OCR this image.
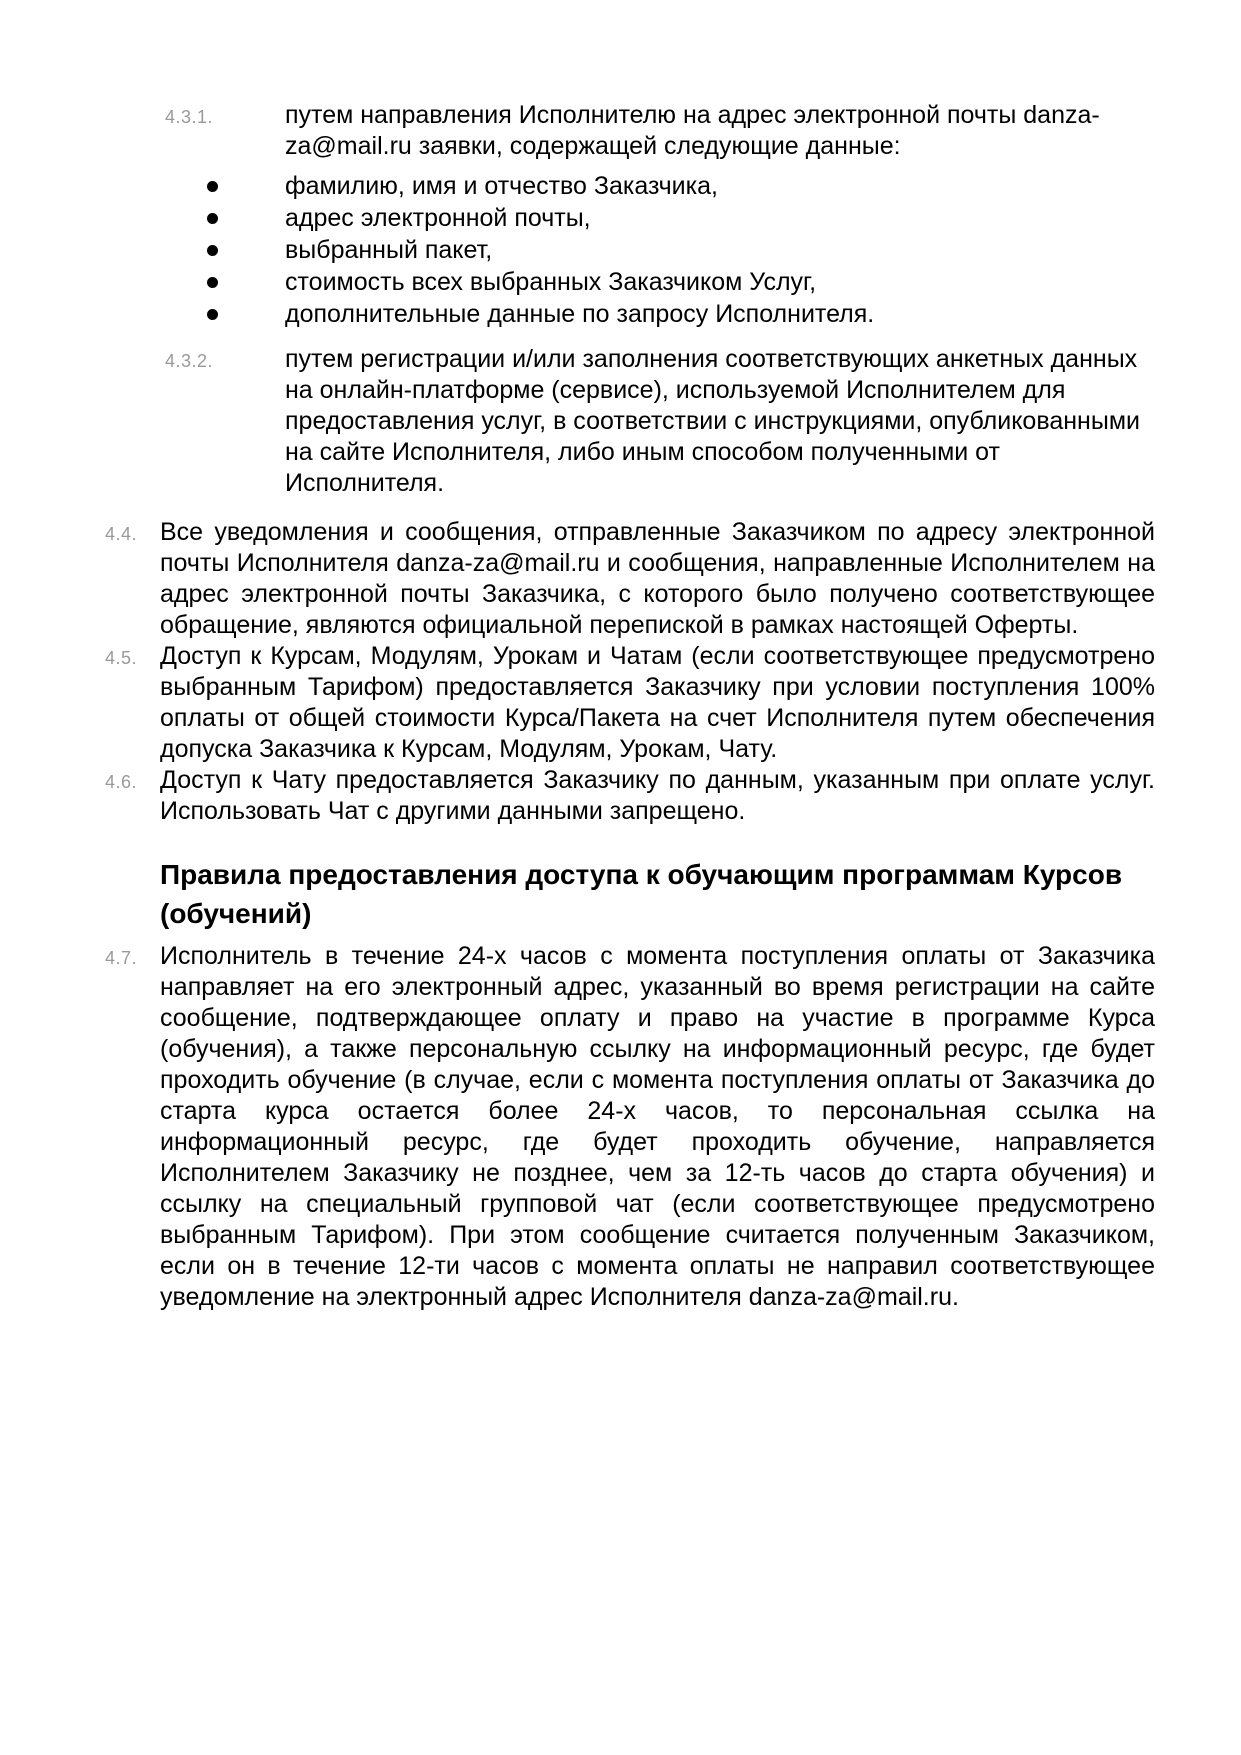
4.3.1.	путем направления Исполнителю на адрес электронной почты danza-za@mail.ru заявки, содержащей следующие данные:
фамилию, имя и отчество Заказчика,
адрес электронной почты,
выбранный пакет,
стоимость всех выбранных Заказчиком Услуг,
дополнительные данные по запросу Исполнителя.
4.3.2.	путем регистрации и/или заполнения соответствующих анкетных данных на онлайн-платформе (сервисе), используемой Исполнителем для предоставления услуг, в соответствии с инструкциями, опубликованными на сайте Исполнителя, либо иным способом полученными от Исполнителя.
4.4. Все уведомления и сообщения, отправленные Заказчиком по адресу электронной почты Исполнителя danza-za@mail.ru и сообщения, направленные Исполнителем на адрес электронной почты Заказчика, с которого было получено соответствующее обращение, являются официальной перепиской в рамках настоящей Оферты.
4.5. Доступ к Курсам, Модулям, Урокам и Чатам (если соответствующее предусмотрено выбранным Тарифом) предоставляется Заказчику при условии поступления 100% оплаты от общей стоимости Курса/Пакета на счет Исполнителя путем обеспечения допуска Заказчика к Курсам, Модулям, Урокам, Чату.
4.6. Доступ к Чату предоставляется Заказчику по данным, указанным при оплате услуг. Использовать Чат с другими данными запрещено.
Правила предоставления доступа к обучающим программам Курсов (обучений)
4.7. Исполнитель в течение 24-х часов с момента поступления оплаты от Заказчика направляет на его электронный адрес, указанный во время регистрации на сайте сообщение, подтверждающее оплату и право на участие в программе Курса (обучения), а также персональную ссылку на информационный ресурс, где будет проходить обучение (в случае, если с момента поступления оплаты от Заказчика до старта курса остается более 24-х часов, то персональная ссылка на информационный ресурс, где будет проходить обучение, направляется Исполнителем Заказчику не позднее, чем за 12-ть часов до старта обучения) и ссылку на специальный групповой чат (если соответствующее предусмотрено выбранным Тарифом). При этом сообщение считается полученным Заказчиком, если он в течение 12-ти часов с момента оплаты не направил соответствующее уведомление на электронный адрес Исполнителя danza-za@mail.ru.
